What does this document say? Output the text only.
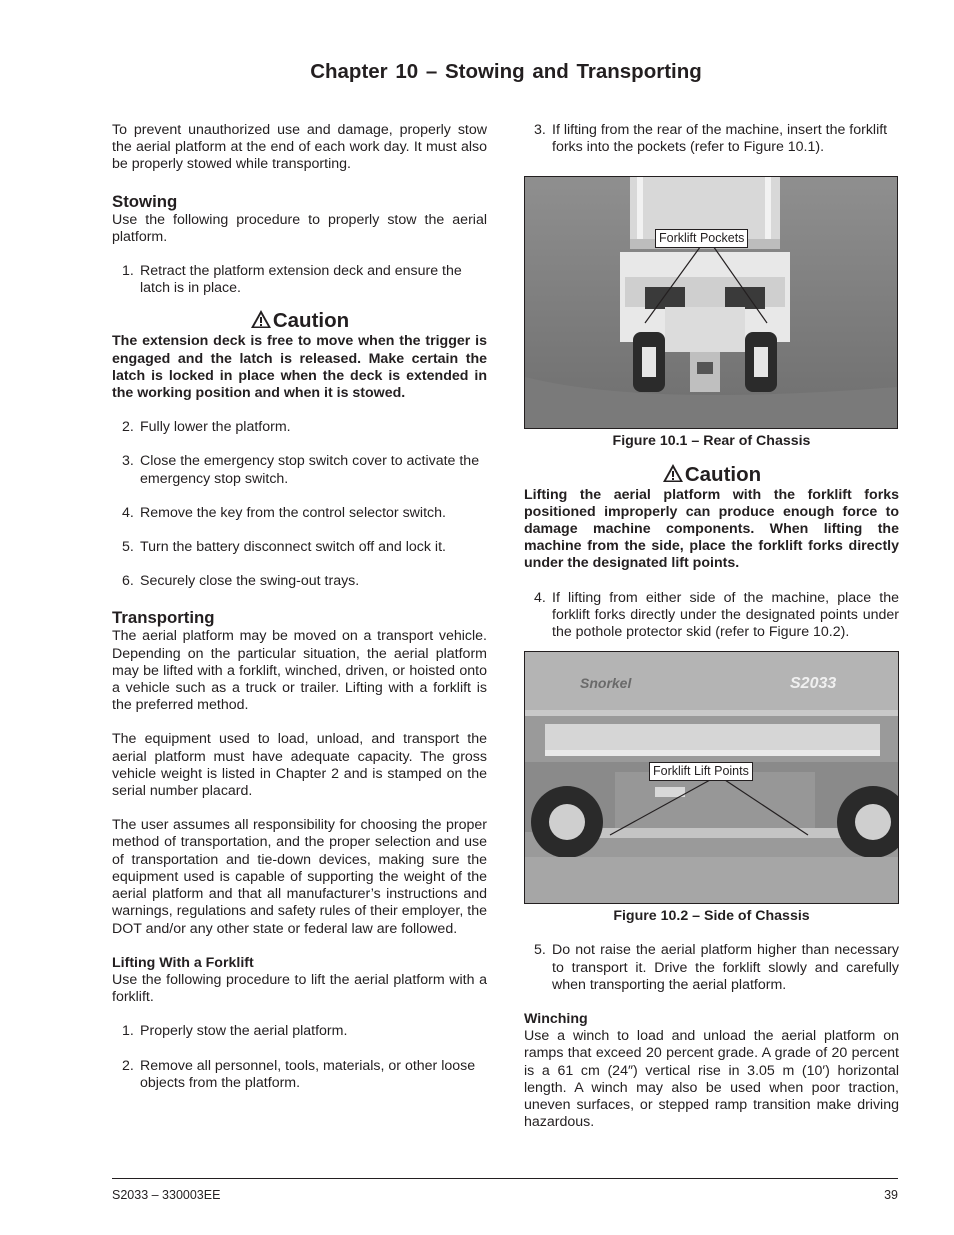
Chapter 10 – Stowing and Transporting

To prevent unauthorized use and damage, properly stow the aerial platform at the end of each work day. It must also be properly stowed while transporting.

Stowing

Use the following procedure to properly stow the aerial platform.

1. Retract the platform extension deck and ensure the latch is in place.

Caution

The extension deck is free to move when the trigger is engaged and the latch is released. Make certain the latch is locked in place when the deck is extended in the working position and when it is stowed.

2. Fully lower the platform.

3. Close the emergency stop switch cover to activate the emergency stop switch.

4. Remove the key from the control selector switch.

5. Turn the battery disconnect switch off and lock it.

6. Securely close the swing-out trays.

Transporting

The aerial platform may be moved on a transport vehicle. Depending on the particular situation, the aerial platform may be lifted with a forklift, winched, driven, or hoisted onto a vehicle such as a truck or trailer. Lifting with a forklift is the preferred method.

The equipment used to load, unload, and transport the aerial platform must have adequate capacity. The gross vehicle weight is listed in Chapter 2 and is stamped on the serial number placard.

The user assumes all responsibility for choosing the proper method of transportation, and the proper selection and use of transportation and tie-down devices, making sure the equipment used is capable of supporting the weight of the aerial platform and that all manufacturer’s instructions and warnings, regulations and safety rules of their employer, the DOT and/or any other state or federal law are followed.

Lifting With a Forklift

Use the following procedure to lift the aerial platform with a forklift.

1. Properly stow the aerial platform.

2. Remove all personnel, tools, materials, or other loose objects from the platform.

3. If lifting from the rear of the machine, insert the forklift forks into the pockets (refer to Figure 10.1).

Forklift Pockets
Figure 10.1 – Rear of Chassis
Caution

Lifting the aerial platform with the forklift forks positioned improperly can produce enough force to damage machine components. When lifting the machine from the side, place the forklift forks directly under the designated lift points.

4. If lifting from either side of the machine, place the forklift forks directly under the designated points under the pothole protector skid (refer to Figure 10.2).

Snorkel	S2033
Forklift Lift Points
Figure 10.2 – Side of Chassis
5. Do not raise the aerial platform higher than necessary to transport it. Drive the forklift slowly and carefully when transporting the aerial platform.

Winching

Use a winch to load and unload the aerial platform on ramps that exceed 20 percent grade. A grade of 20 percent is a 61 cm (24″) vertical rise in 3.05 m (10′) horizontal length. A winch may also be used when poor traction, uneven surfaces, or stepped ramp transition make driving hazardous.

S2033 – 330003EE	39
